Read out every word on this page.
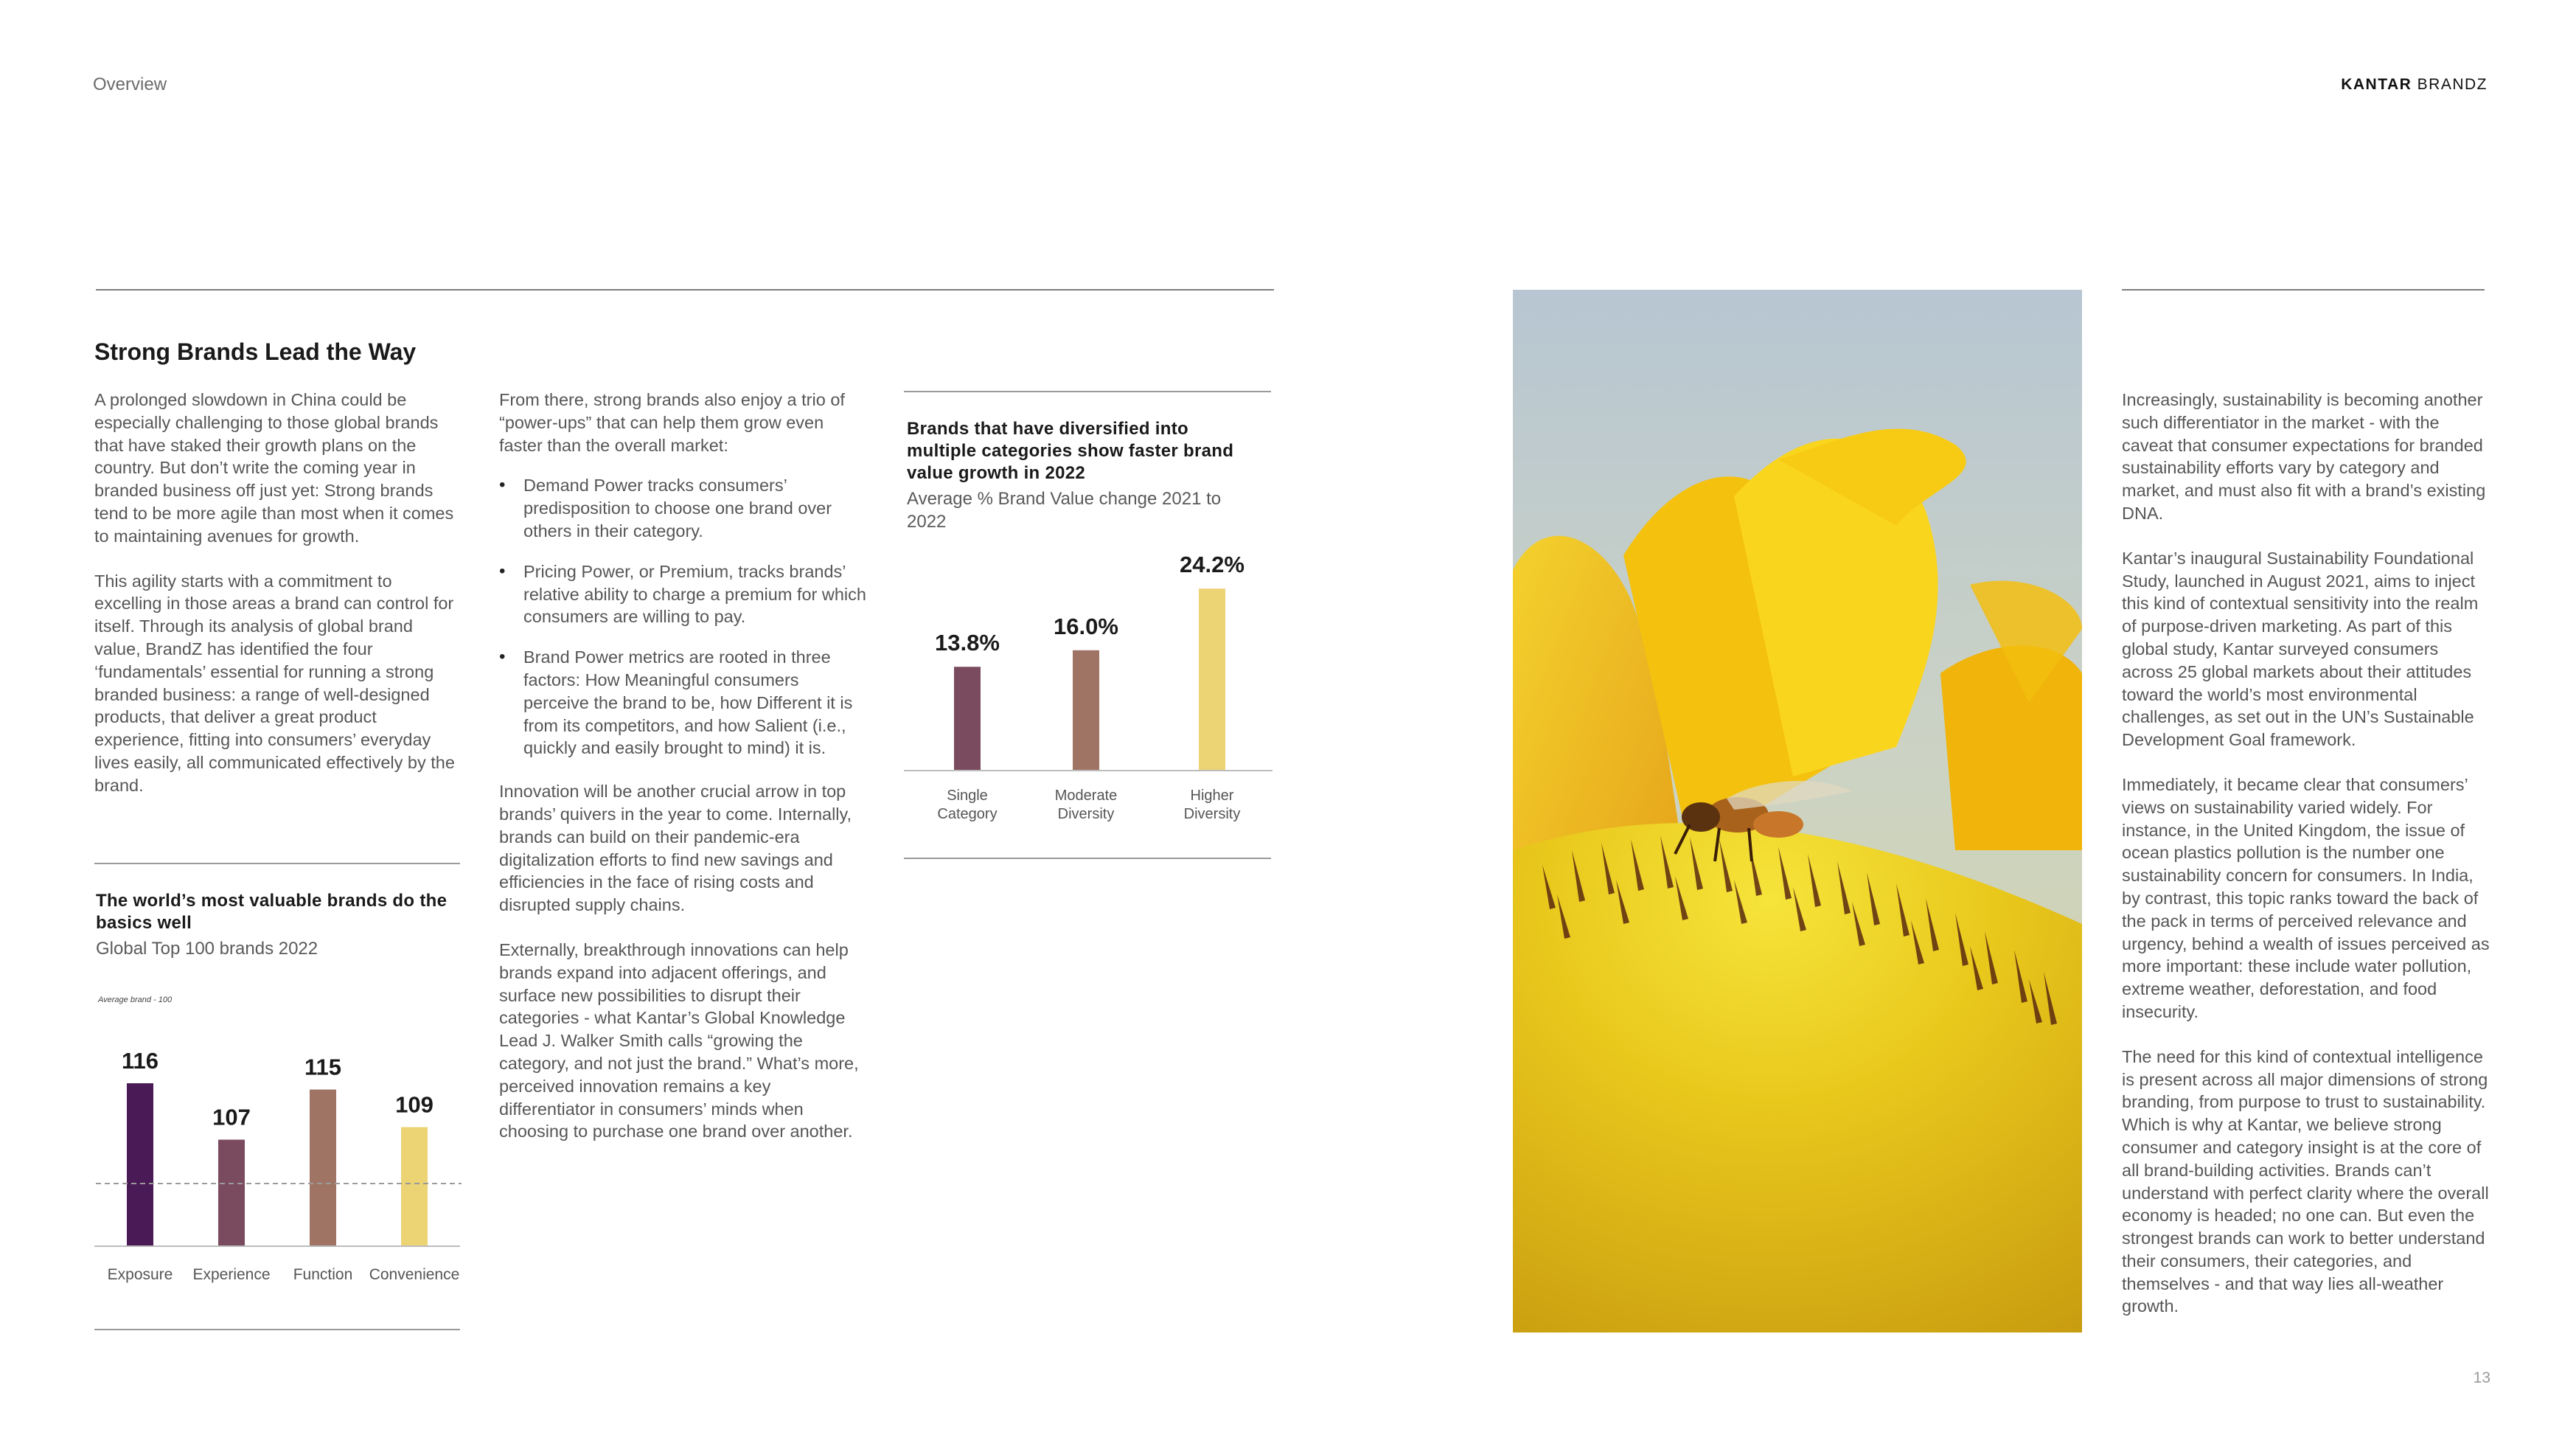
Overview	KANTAR BRANDZ
Strong Brands Lead the Way

A prolonged slowdown in China could be especially challenging to those global brands that have staked their growth plans on the country. But don’t write the coming year in branded business off just yet: Strong brands tend to be more agile than most when it comes to maintaining avenues for growth.

This agility starts with a commitment to excelling in those areas a brand can control for itself. Through its analysis of global brand value, BrandZ has identified the four ‘fundamentals’ essential for running a strong branded business: a range of well-designed products, that deliver a great product experience, fitting into consumers’ everyday lives easily, all communicated effectively by the brand.

The world’s most valuable brands do the basics well
Global Top 100 brands 2022
Average brand - 100
116
Exposure
107
Experience
115
Function
109
Convenience

From there, strong brands also enjoy a trio of “power-ups” that can help them grow even faster than the overall market:

• Demand Power tracks consumers’ predisposition to choose one brand over others in their category.
• Pricing Power, or Premium, tracks brands’ relative ability to charge a premium for which consumers are willing to pay.
• Brand Power metrics are rooted in three factors: How Meaningful consumers perceive the brand to be, how Different it is from its competitors, and how Salient (i.e., quickly and easily brought to mind) it is.

Innovation will be another crucial arrow in top brands’ quivers in the year to come. Internally, brands can build on their pandemic-era digitalization efforts to find new savings and efficiencies in the face of rising costs and disrupted supply chains.

Externally, breakthrough innovations can help brands expand into adjacent offerings, and surface new possibilities to disrupt their categories - what Kantar’s Global Knowledge Lead J. Walker Smith calls “growing the category, and not just the brand.” What’s more, perceived innovation remains a key differentiator in consumers’ minds when choosing to purchase one brand over another.

Brands that have diversified into multiple categories show faster brand value growth in 2022
Average % Brand Value change 2021 to 2022
13.8%
Single
Category
16.0%
Moderate
Diversity
24.2%
Higher
Diversity

Increasingly, sustainability is becoming another such differentiator in the market - with the caveat that consumer expectations for branded sustainability efforts vary by category and market, and must also fit with a brand’s existing DNA.

Kantar’s inaugural Sustainability Foundational Study, launched in August 2021, aims to inject this kind of contextual sensitivity into the realm of purpose-driven marketing. As part of this global study, Kantar surveyed consumers across 25 global markets about their attitudes toward the world’s most environmental challenges, as set out in the UN’s Sustainable Development Goal framework.

Immediately, it became clear that consumers’ views on sustainability varied widely. For instance, in the United Kingdom, the issue of ocean plastics pollution is the number one sustainability concern for consumers. In India, by contrast, this topic ranks toward the back of the pack in terms of perceived relevance and urgency, behind a wealth of issues perceived as more important: these include water pollution, extreme weather, deforestation, and food insecurity.

The need for this kind of contextual intelligence is present across all major dimensions of strong branding, from purpose to trust to sustainability. Which is why at Kantar, we believe strong consumer and category insight is at the core of all brand-building activities. Brands can’t understand with perfect clarity where the overall economy is headed; no one can. But even the strongest brands can work to better understand their consumers, their categories, and themselves - and that way lies all-weather growth.

13
